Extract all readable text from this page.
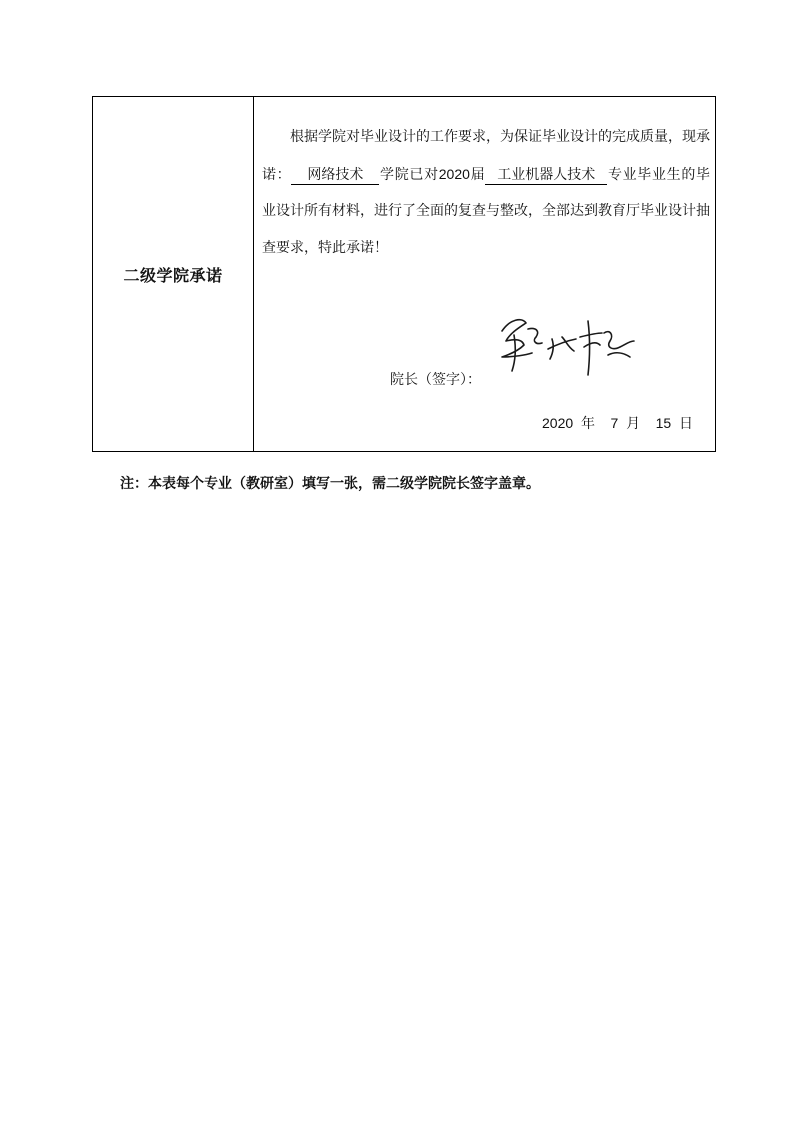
二级学院承诺	
根据学院对毕业设计的工作要求，为保证毕业设计的完成质量，现承诺： 网络技术 学院已对2020届 工业机器人技术 专业毕业生的毕业设计所有材料，进行了全面的复查与整改，全部达到教育厅毕业设计抽查要求，特此承诺！
院长（签字）：
2020 年 7 月 15 日
注：本表每个专业（教研室）填写一张，需二级学院院长签字盖章。
